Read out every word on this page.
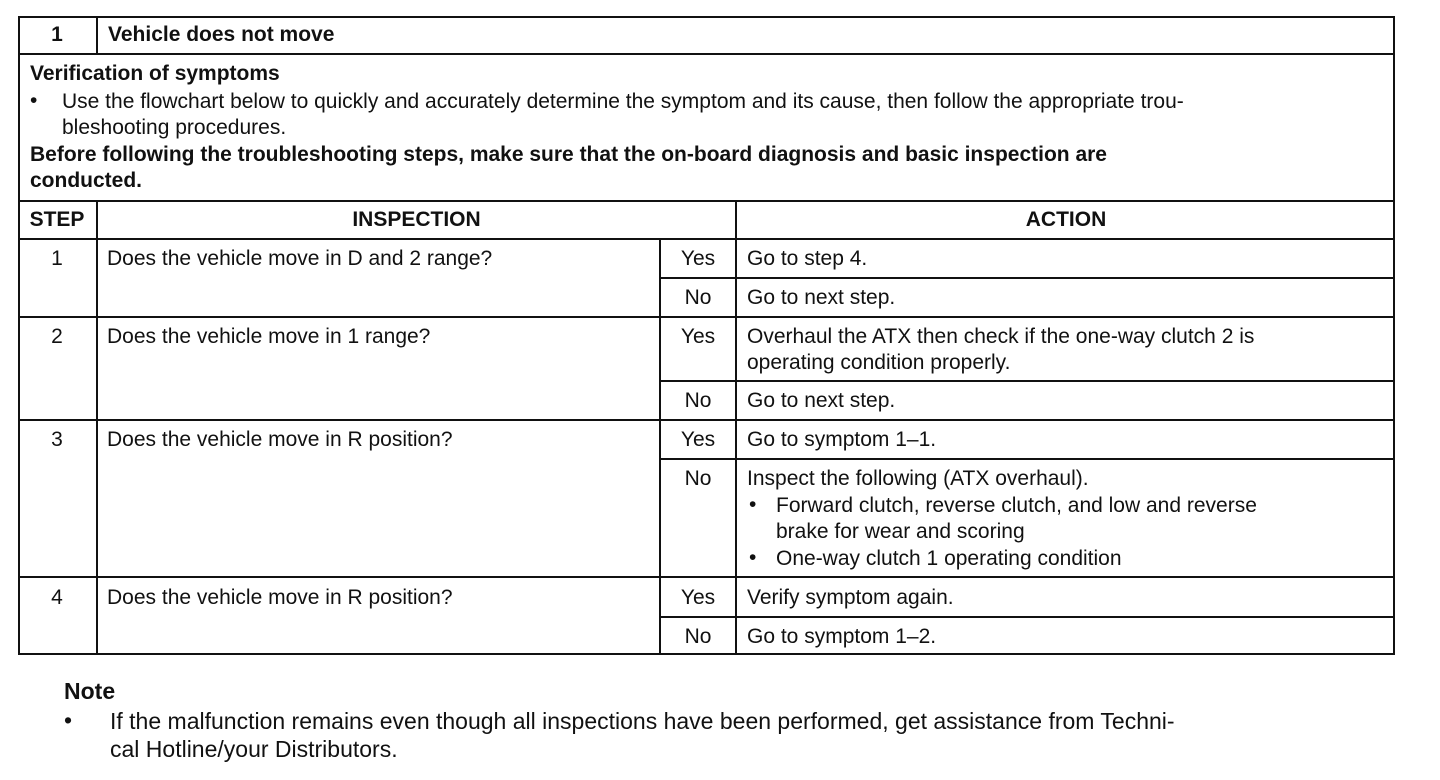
1	Vehicle does not move
Verification of symptoms
• Use the flowchart below to quickly and accurately determine the symptom and its cause, then follow the appropriate trou-
bleshooting procedures.
Before following the troubleshooting steps, make sure that the on-board diagnosis and basic inspection are
conducted.
STEP	INSPECTION	ACTION
1	Does the vehicle move in D and 2 range?	Yes	Go to step 4.
No	Go to next step.
2	Does the vehicle move in 1 range?	Yes	Overhaul the ATX then check if the one-way clutch 2 is
operating condition properly.
No	Go to next step.
3	Does the vehicle move in R position?	Yes	Go to symptom 1–1.
No	Inspect the following (ATX overhaul).
• Forward clutch, reverse clutch, and low and reverse
brake for wear and scoring
• One-way clutch 1 operating condition
4	Does the vehicle move in R position?	Yes	Verify symptom again.
No	Go to symptom 1–2.
Note
• If the malfunction remains even though all inspections have been performed, get assistance from Techni-
cal Hotline/your Distributors.
